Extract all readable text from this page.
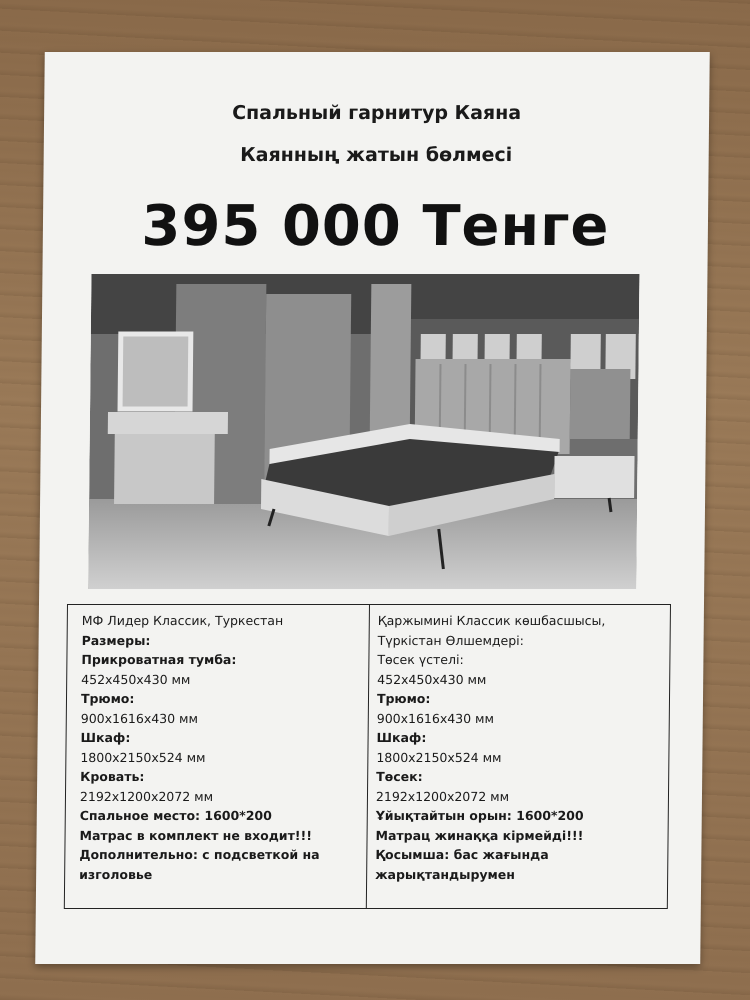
Спальный гарнитур Каяна
Каянның жатын бөлмесі
395 000 Тенге
МФ Лидер Классик, Туркестан
Размеры:
Прикроватная тумба:
452х450х430 мм
Трюмо:
900х1616х430 мм
Шкаф:
1800х2150х524 мм
Кровать:
2192х1200х2072 мм
Спальное место: 1600*200
Матрас в комплект не входит!!!
Дополнительно: с подсветкой на
изголовье
Қаржымині Классик көшбасшысы,
Түркістан Өлшемдері:
Төсек үстелі:
452х450х430 мм
Трюмо:
900х1616х430 мм
Шкаф:
1800х2150х524 мм
Төсек:
2192х1200х2072 мм
Ұйықтайтын орын: 1600*200
Матрац жинаққа кірмейді!!!
Қосымша: бас жағында
жарықтандырумен
